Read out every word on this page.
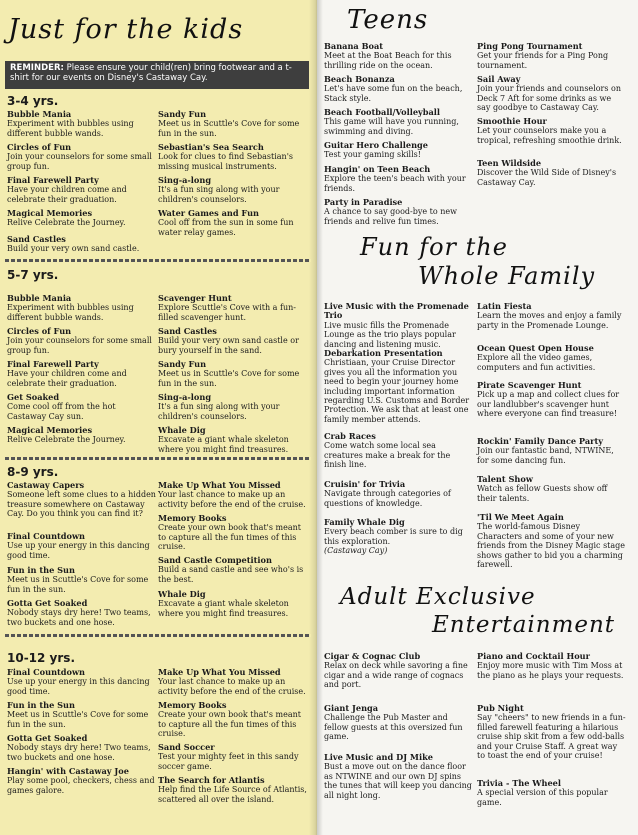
Just for the kids
REMINDER: Please ensure your child(ren) bring footwear and a t-shirt for our events on Disney's Castaway Cay.
3-4 yrs.
Bubble Mania
Experiment with bubbles using different bubble wands.
Circles of Fun
Join your counselors for some small group fun.
Final Farewell Party
Have your children come and celebrate their graduation.
Magical Memories
Relive Celebrate the Journey.
Sand Castles
Build your very own sand castle.
Sandy Fun
Meet us in Scuttle's Cove for some fun in the sun.
Sebastian's Sea Search
Look for clues to find Sebastian's missing musical instruments.
Sing-a-long
It's a fun sing along with your children's counselors.
Water Games and Fun
Cool off from the sun in some fun water relay games.
5-7 yrs.
Bubble Mania
Experiment with bubbles using different bubble wands.
Circles of Fun
Join your counselors for some small group fun.
Final Farewell Party
Have your children come and celebrate their graduation.
Get Soaked
Come cool off from the hot Castaway Cay sun.
Magical Memories
Relive Celebrate the Journey.
Scavenger Hunt
Explore Scuttle's Cove with a fun-filled scavenger hunt.
Sand Castles
Build your very own sand castle or bury yourself in the sand.
Sandy Fun
Meet us in Scuttle's Cove for some fun in the sun.
Sing-a-long
It's a fun sing along with your children's counselors.
Whale Dig
Excavate a giant whale skeleton where you might find treasures.
8-9 yrs.
Castaway Capers
Someone left some clues to a hidden treasure somewhere on Castaway Cay. Do you think you can find it?
Final Countdown
Use up your energy in this dancing good time.
Fun in the Sun
Meet us in Scuttle's Cove for some fun in the sun.
Gotta Get Soaked
Nobody stays dry here! Two teams, two buckets and one hose.
Make Up What You Missed
Your last chance to make up an activity before the end of the cruise.
Memory Books
Create your own book that's meant to capture all the fun times of this cruise.
Sand Castle Competition
Build a sand castle and see who's is the best.
Whale Dig
Excavate a giant whale skeleton where you might find treasures.
10-12 yrs.
Final Countdown
Use up your energy in this dancing good time.
Fun in the Sun
Meet us in Scuttle's Cove for some fun in the sun.
Gotta Get Soaked
Nobody stays dry here! Two teams, two buckets and one hose.
Hangin' with Castaway Joe
Play some pool, checkers, chess and games galore.
Make Up What You Missed
Your last chance to make up an activity before the end of the cruise.
Memory Books
Create your own book that's meant to capture all the fun times of this cruise.
Sand Soccer
Test your mighty feet in this sandy soccer game.
The Search for Atlantis
Help find the Life Source of Atlantis, scattered all over the island.
Teens
Banana Boat
Meet at the Boat Beach for this thrilling ride on the ocean.
Beach Bonanza
Let's have some fun on the beach, Stack style.
Beach Football/Volleyball
This game will have you running, swimming and diving.
Guitar Hero Challenge
Test your gaming skills!
Hangin' on Teen Beach
Explore the teen's beach with your friends.
Party in Paradise
A chance to say good-bye to new friends and relive fun times.
Ping Pong Tournament
Get your friends for a Ping Pong tournament.
Sail Away
Join your friends and counselors on Deck 7 Aft for some drinks as we say goodbye to Castaway Cay.
Smoothie Hour
Let your counselors make you a tropical, refreshing smoothie drink.
Teen Wildside
Discover the Wild Side of Disney's Castaway Cay.
Fun for the
Whole Family
Live Music with the Promenade Trio
Live music fills the Promenade Lounge as the trio plays popular dancing and listening music.
Debarkation Presentation
Christiaan, your Cruise Director gives you all the information you need to begin your journey home including important information regarding U.S. Customs and Border Protection. We ask that at least one family member attends.
Crab Races
Come watch some local sea creatures make a break for the finish line.
Cruisin' for Trivia
Navigate through categories of questions of knowledge.
Family Whale Dig
Every beach comber is sure to dig this exploration.
(Castaway Cay)
Latin Fiesta
Learn the moves and enjoy a family party in the Promenade Lounge.
Ocean Quest Open House
Explore all the video games, computers and fun activities.
Pirate Scavenger Hunt
Pick up a map and collect clues for our landlubber's scavenger hunt where everyone can find treasure!
Rockin' Family Dance Party
Join our fantastic band, NTWINE, for some dancing fun.
Talent Show
Watch as fellow Guests show off their talents.
'Til We Meet Again
The world-famous Disney Characters and some of your new friends from the Disney Magic stage shows gather to bid you a charming farewell.
Adult Exclusive
Entertainment
Cigar & Cognac Club
Relax on deck while savoring a fine cigar and a wide range of cognacs and port.
Giant Jenga
Challenge the Pub Master and fellow guests at this oversized fun game.
Live Music and DJ Mike
Bust a move out on the dance floor as NTWINE and our own DJ spins the tunes that will keep you dancing all night long.
Piano and Cocktail Hour
Enjoy more music with Tim Moss at the piano as he plays your requests.
Pub Night
Say "cheers" to new friends in a fun-filled farewell featuring a hilarious cruise ship skit from a few odd-balls and your Cruise Staff. A great way to toast the end of your cruise!
Trivia - The Wheel
A special version of this popular game.
